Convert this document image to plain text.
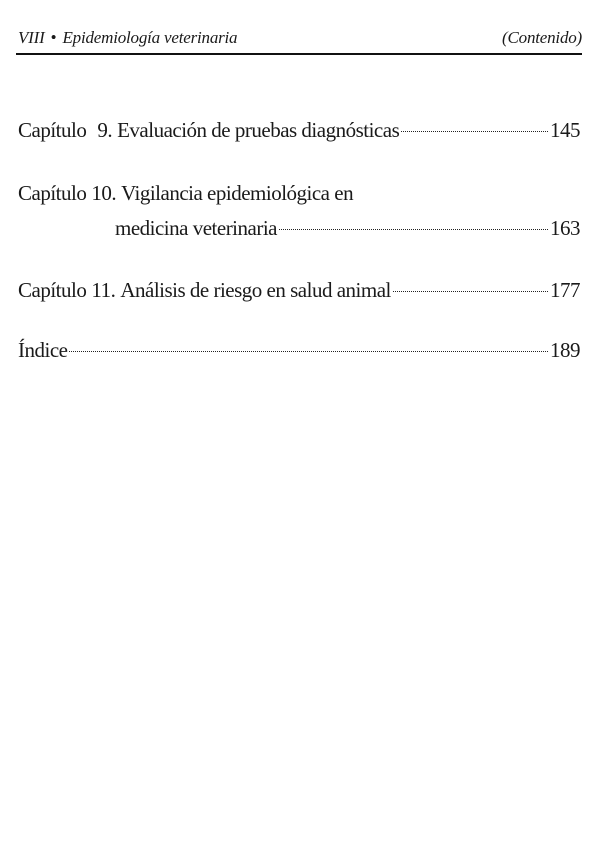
VIII • Epidemiología veterinaria	(Contenido)
Capítulo 9. Evaluación de pruebas diagnósticas	145
Capítulo 10. Vigilancia epidemiológica en
medicina veterinaria	163
Capítulo 11. Análisis de riesgo en salud animal	177
Índice	189
